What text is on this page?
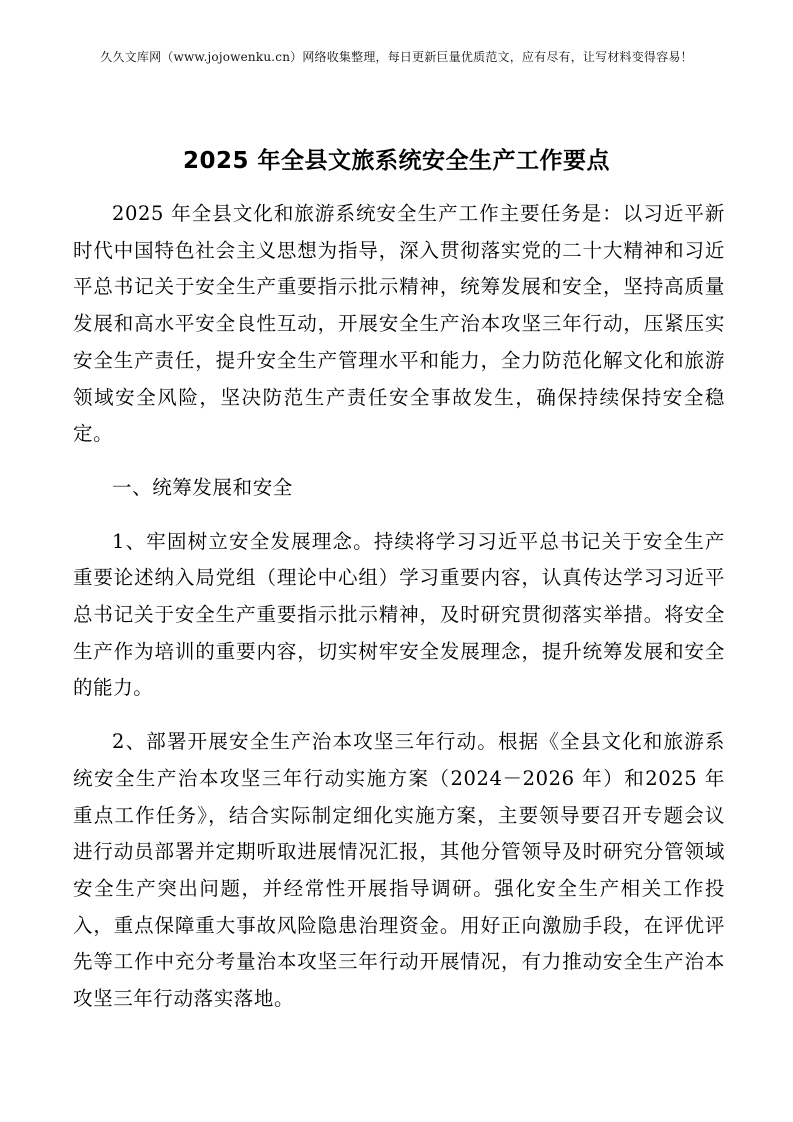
久久文库网（www.jojowenku.cn）网络收集整理，每日更新巨量优质范文，应有尽有，让写材料变得容易！
2025 年全县文旅系统安全生产工作要点

2025 年全县文化和旅游系统安全生产工作主要任务是：以习近平新时代中国特色社会主义思想为指导，深入贯彻落实党的二十大精神和习近平总书记关于安全生产重要指示批示精神，统筹发展和安全，坚持高质量发展和高水平安全良性互动，开展安全生产治本攻坚三年行动，压紧压实安全生产责任，提升安全生产管理水平和能力，全力防范化解文化和旅游领域安全风险，坚决防范生产责任安全事故发生，确保持续保持安全稳定。

一、统筹发展和安全

1、牢固树立安全发展理念。持续将学习习近平总书记关于安全生产重要论述纳入局党组（理论中心组）学习重要内容，认真传达学习习近平总书记关于安全生产重要指示批示精神，及时研究贯彻落实举措。将安全生产作为培训的重要内容，切实树牢安全发展理念，提升统筹发展和安全的能力。

2、部署开展安全生产治本攻坚三年行动。根据《全县文化和旅游系统安全生产治本攻坚三年行动实施方案（2024－2026 年）和2025 年重点工作任务》，结合实际制定细化实施方案，主要领导要召开专题会议进行动员部署并定期听取进展情况汇报，其他分管领导及时研究分管领域安全生产突出问题，并经常性开展指导调研。强化安全生产相关工作投入，重点保障重大事故风险隐患治理资金。用好正向激励手段，在评优评先等工作中充分考量治本攻坚三年行动开展情况，有力推动安全生产治本攻坚三年行动落实落地。
